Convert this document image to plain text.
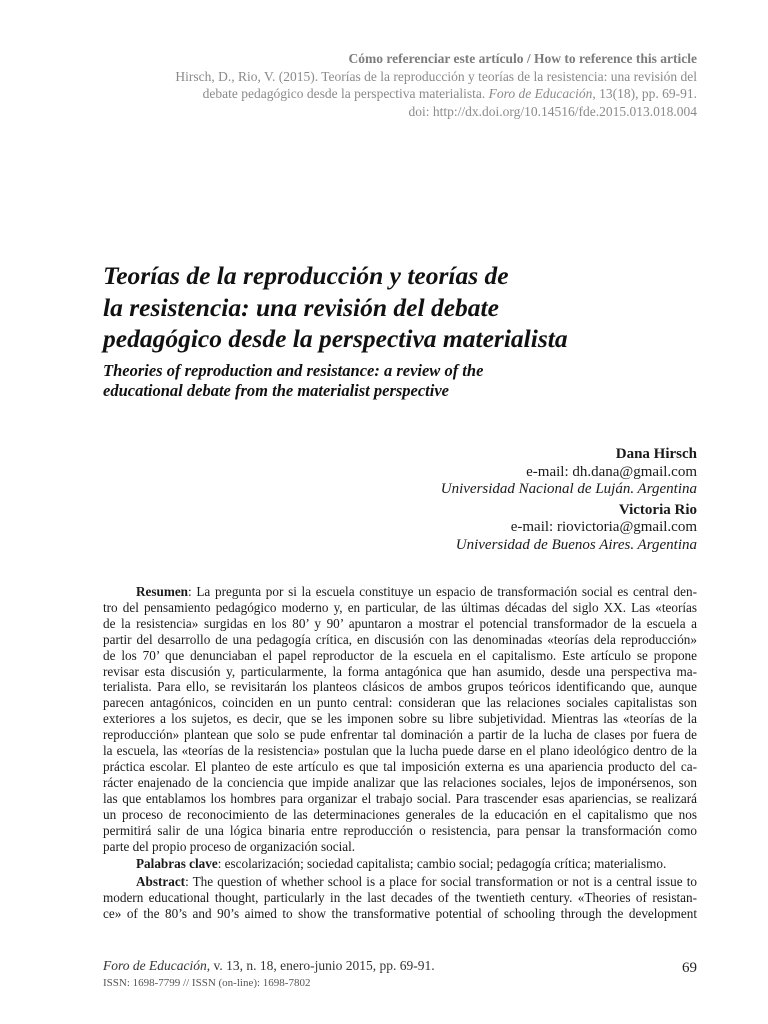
Cómo referenciar este artículo / How to reference this article
Hirsch, D., Rio, V. (2015). Teorías de la reproducción y teorías de la resistencia: una revisión del
debate pedagógico desde la perspectiva materialista. Foro de Educación, 13(18), pp. 69-91.
doi: http://dx.doi.org/10.14516/fde.2015.013.018.004
Teorías de la reproducción y teorías de
la resistencia: una revisión del debate
pedagógico desde la perspectiva materialista
Theories of reproduction and resistance: a review of the
educational debate from the materialist perspective
Dana Hirsch
e-mail: dh.dana@gmail.com
Universidad Nacional de Luján. Argentina
Victoria Rio
e-mail: riovictoria@gmail.com
Universidad de Buenos Aires. Argentina

Resumen: La pregunta por si la escuela constituye un espacio de transformación social es central den-
tro del pensamiento pedagógico moderno y, en particular, de las últimas décadas del siglo XX. Las «teorías
de la resistencia» surgidas en los 80’ y 90’ apuntaron a mostrar el potencial transformador de la escuela a
partir del desarrollo de una pedagogía crítica, en discusión con las denominadas «teorías dela reproducción»
de los 70’ que denunciaban el papel reproductor de la escuela en el capitalismo. Este artículo se propone
revisar esta discusión y, particularmente, la forma antagónica que han asumido, desde una perspectiva ma-
terialista. Para ello, se revisitarán los planteos clásicos de ambos grupos teóricos identificando que, aunque
parecen antagónicos, coinciden en un punto central: consideran que las relaciones sociales capitalistas son
exteriores a los sujetos, es decir, que se les imponen sobre su libre subjetividad. Mientras las «teorías de la
reproducción» plantean que solo se pude enfrentar tal dominación a partir de la lucha de clases por fuera de
la escuela, las «teorías de la resistencia» postulan que la lucha puede darse en el plano ideológico dentro de la
práctica escolar. El planteo de este artículo es que tal imposición externa es una apariencia producto del ca-
rácter enajenado de la conciencia que impide analizar que las relaciones sociales, lejos de imponérsenos, son
las que entablamos los hombres para organizar el trabajo social. Para trascender esas apariencias, se realizará
un proceso de reconocimiento de las determinaciones generales de la educación en el capitalismo que nos
permitirá salir de una lógica binaria entre reproducción o resistencia, para pensar la transformación como
parte del propio proceso de organización social.

Palabras clave: escolarización; sociedad capitalista; cambio social; pedagogía crítica; materialismo.

Abstract: The question of whether school is a place for social transformation or not is a central issue to
modern educational thought, particularly in the last decades of the twentieth century. «Theories of resistan-
ce» of the 80’s and 90’s aimed to show the transformative potential of schooling through the development

Foro de Educación, v. 13, n. 18, enero-junio 2015, pp. 69-91.
ISSN: 1698-7799 // ISSN (on-line): 1698-7802
69
